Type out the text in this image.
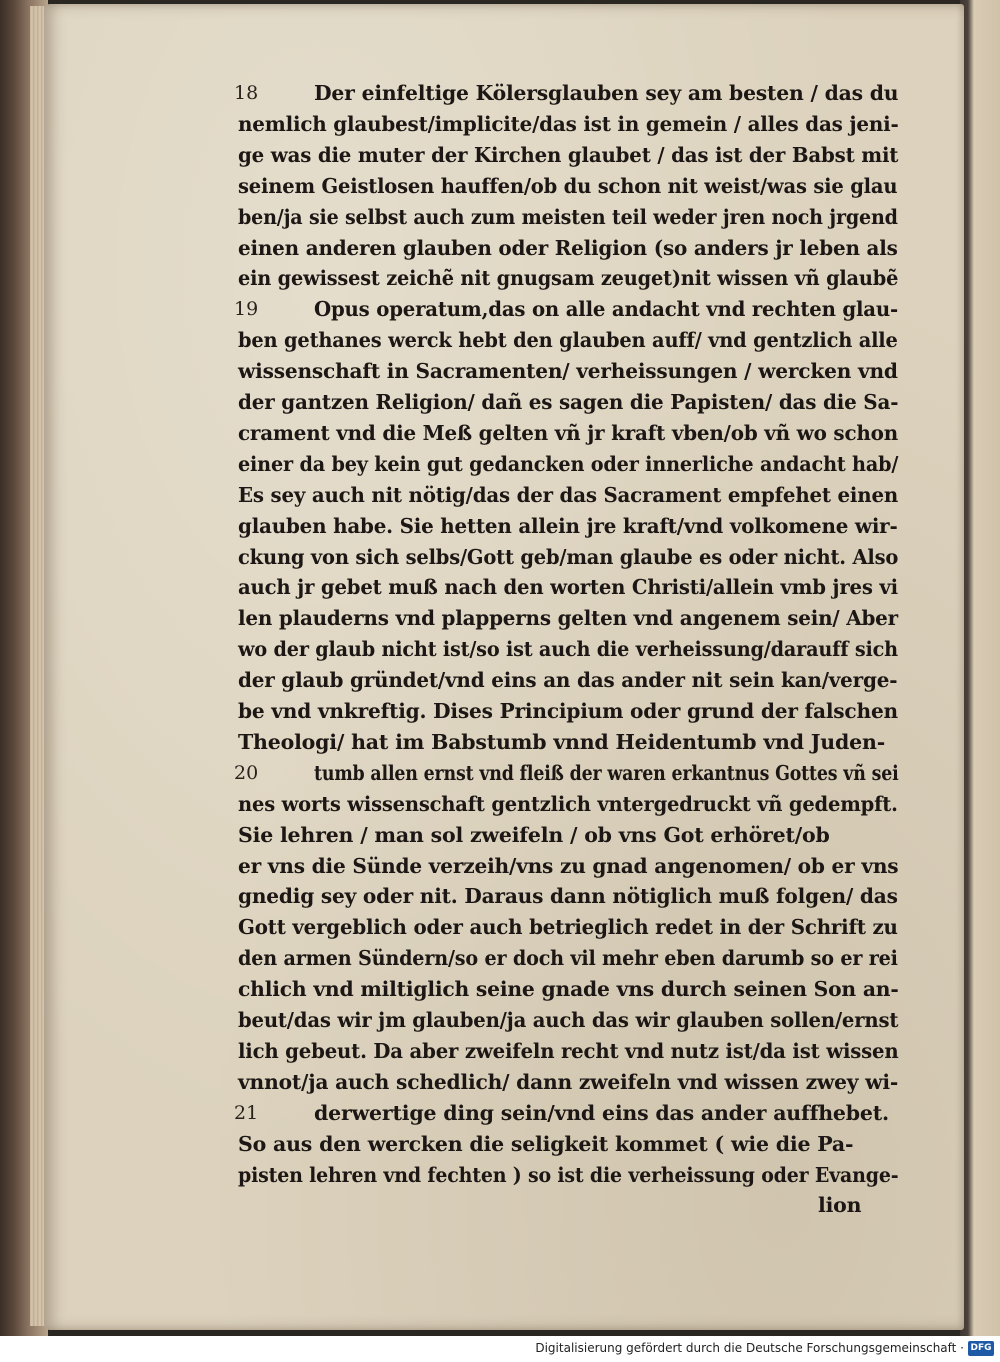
Der einfeltige Kölersglauben sey am besten / das du
nemlich glaubest/implicite/das ist in gemein / alles das jeni-
ge was die muter der Kirchen glaubet / das ist der Babst mit
seinem Geistlosen hauffen/ob du schon nit weist/was sie glau
ben/ja sie selbst auch zum meisten teil weder jren noch jrgend
einen anderen glauben oder Religion (so anders jr leben als
ein gewissest zeichẽ nit gnugsam zeuget)nit wissen vñ glaubẽ
Opus operatum,das on alle andacht vnd rechten glau-
ben gethanes werck hebt den glauben auff/ vnd gentzlich alle
wissenschaft in Sacramenten/ verheissungen / wercken vnd
der gantzen Religion/ dañ es sagen die Papisten/ das die Sa-
crament vnd die Meß gelten vñ jr kraft vben/ob vñ wo schon
einer da bey kein gut gedancken oder innerliche andacht hab/
Es sey auch nit nötig/das der das Sacrament empfehet einen
glauben habe. Sie hetten allein jre kraft/vnd volkomene wir-
ckung von sich selbs/Gott geb/man glaube es oder nicht. Also
auch jr gebet muß nach den worten Christi/allein vmb jres vi
len plauderns vnd plapperns gelten vnd angenem sein/ Aber
wo der glaub nicht ist/so ist auch die verheissung/darauff sich
der glaub gründet/vnd eins an das ander nit sein kan/verge-
be vnd vnkreftig. Dises Principium oder grund der falschen
Theologi/ hat im Babstumb vnnd Heidentumb vnd Juden-
tumb allen ernst vnd fleiß der waren erkantnus Gottes vñ sei
nes worts wissenschaft gentzlich vntergedruckt vñ gedempft.
Sie lehren / man sol zweifeln / ob vns Got erhöret/ob
er vns die Sünde verzeih/vns zu gnad angenomen/ ob er vns
gnedig sey oder nit. Daraus dann nötiglich muß folgen/ das
Gott vergeblich oder auch betrieglich redet in der Schrift zu
den armen Sündern/so er doch vil mehr eben darumb so er rei
chlich vnd miltiglich seine gnade vns durch seinen Son an-
beut/das wir jm glauben/ja auch das wir glauben sollen/ernst
lich gebeut. Da aber zweifeln recht vnd nutz ist/da ist wissen
vnnot/ja auch schedlich/ dann zweifeln vnd wissen zwey wi-
derwertige ding sein/vnd eins das ander auffhebet.
So aus den wercken die seligkeit kommet ( wie die Pa-
pisten lehren vnd fechten ) so ist die verheissung oder Evange-
lion
18
19
20
21
Digitalisierung gefördert durch die Deutsche Forschungsgemeinschaft · DFG
